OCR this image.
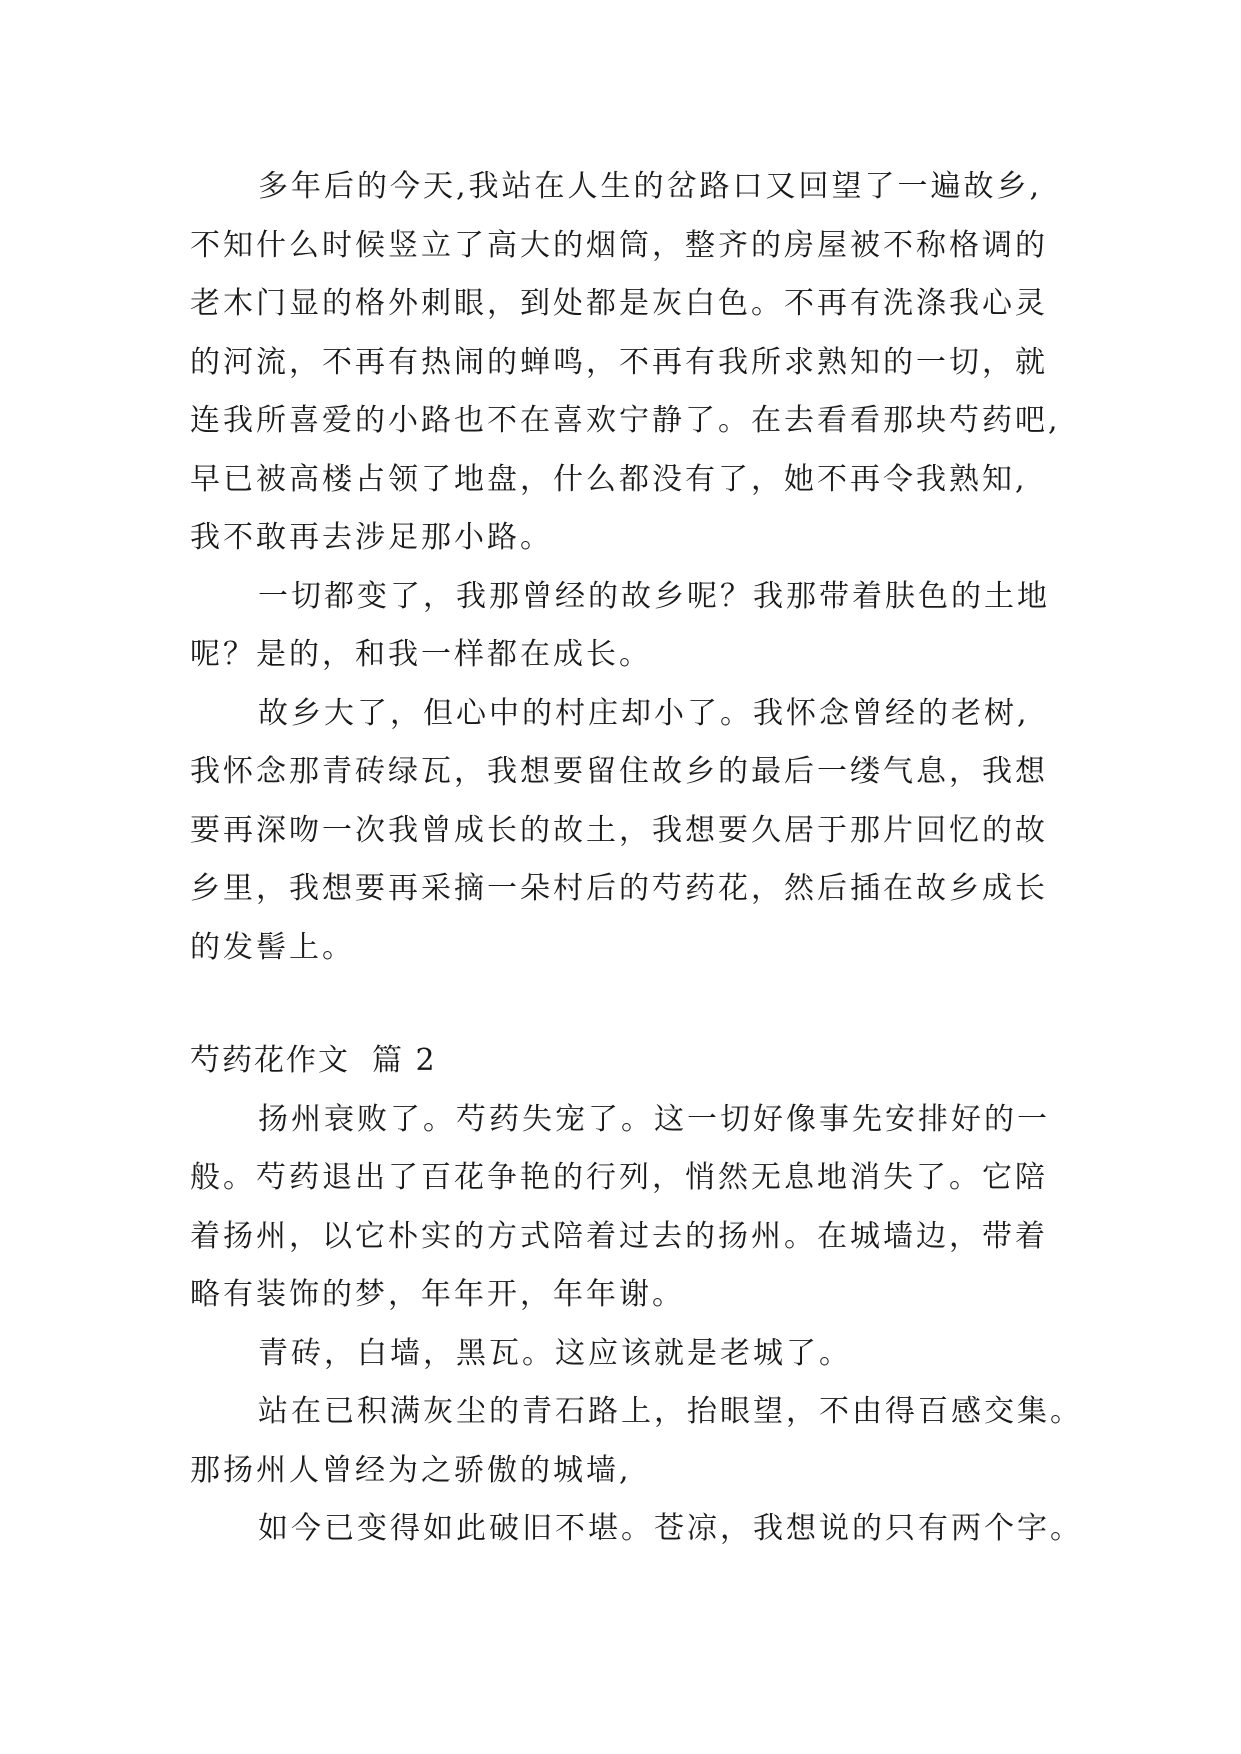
多年后的今天,我站在人生的岔路口又回望了一遍故乡,
不知什么时候竖立了高大的烟筒，整齐的房屋被不称格调的
老木门显的格外刺眼，到处都是灰白色。不再有洗涤我心灵
的河流，不再有热闹的蝉鸣，不再有我所求熟知的一切，就
连我所喜爱的小路也不在喜欢宁静了。在去看看那块芍药吧,
早已被高楼占领了地盘，什么都没有了，她不再令我熟知,
我不敢再去涉足那小路。
一切都变了，我那曾经的故乡呢？我那带着肤色的土地
呢？是的，和我一样都在成长。
故乡大了，但心中的村庄却小了。我怀念曾经的老树,
我怀念那青砖绿瓦，我想要留住故乡的最后一缕气息，我想
要再深吻一次我曾成长的故土，我想要久居于那片回忆的故
乡里，我想要再采摘一朵村后的芍药花，然后插在故乡成长
的发髻上。
芍药花作文 篇 2
扬州衰败了。芍药失宠了。这一切好像事先安排好的一
般。芍药退出了百花争艳的行列，悄然无息地消失了。它陪
着扬州，以它朴实的方式陪着过去的扬州。在城墙边，带着
略有装饰的梦，年年开，年年谢。
青砖，白墙，黑瓦。这应该就是老城了。
站在已积满灰尘的青石路上，抬眼望，不由得百感交集。
那扬州人曾经为之骄傲的城墙,
如今已变得如此破旧不堪。苍凉，我想说的只有两个字。
